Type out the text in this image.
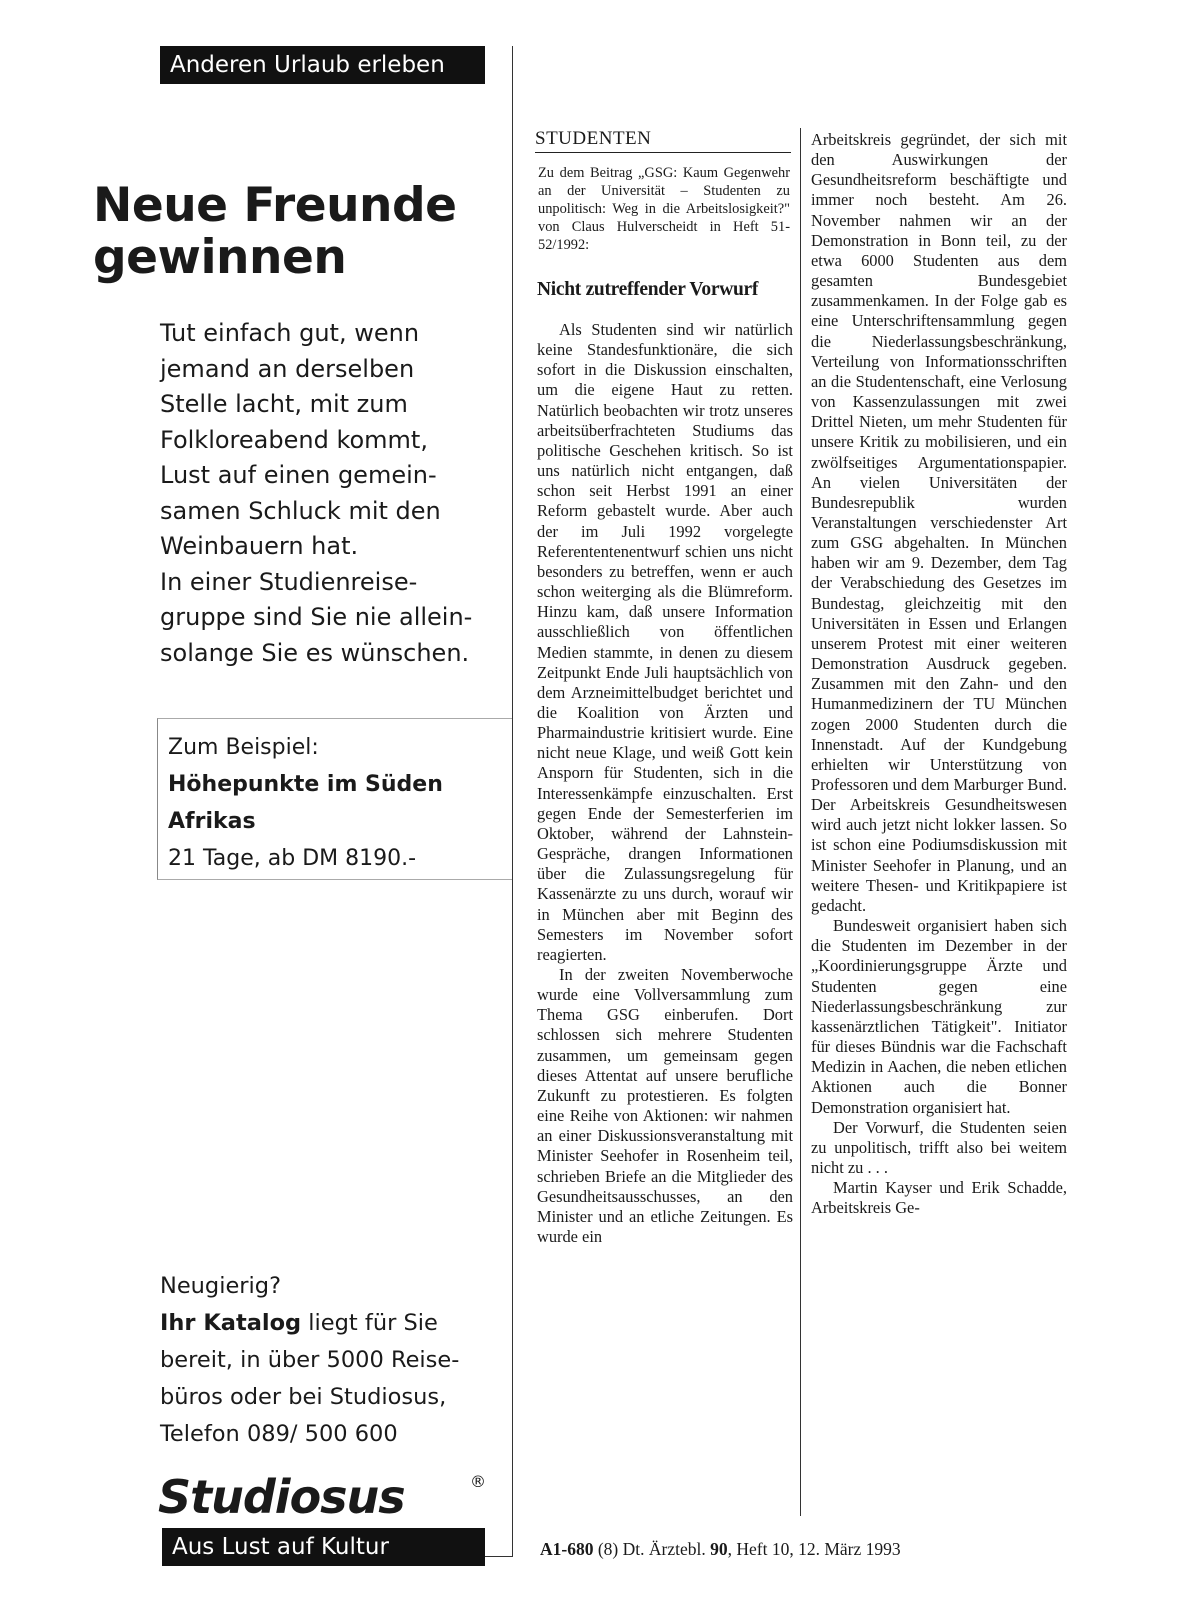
Anderen Urlaub erleben
Neue Freunde
gewinnen
Tut einfach gut, wenn
jemand an derselben
Stelle lacht, mit zum
Folkloreabend kommt,
Lust auf einen gemein-
samen Schluck mit den
Weinbauern hat.
In einer Studienreise-
gruppe sind Sie nie allein-
solange Sie es wünschen.
Zum Beispiel:
Höhepunkte im Süden
Afrikas
21 Tage, ab DM 8190.-
Neugierig?
Ihr Katalog liegt für Sie
bereit, in über 5000 Reise-
büros oder bei Studiosus,
Telefon 089/ 500 600
Studiosus	®
Aus Lust auf Kultur
STUDENTEN
Zu dem Beitrag „GSG: Kaum Gegenwehr an der Universität – Studenten zu unpolitisch: Weg in die Arbeitslosigkeit?" von Claus Hulverscheidt in Heft 51-52/1992:
Nicht zutreffender Vorwurf

Als Studenten sind wir natürlich keine Standesfunktionäre, die sich sofort in die Diskussion einschalten, um die eigene Haut zu retten. Natürlich beobachten wir trotz unseres arbeitsüberfrachteten Studiums das politische Geschehen kritisch. So ist uns natürlich nicht entgangen, daß schon seit Herbst 1991 an einer Reform gebastelt wurde. Aber auch der im Juli 1992 vorgelegte Referententenentwurf schien uns nicht besonders zu betreffen, wenn er auch schon weiterging als die Blümreform. Hinzu kam, daß unsere Information ausschließlich von öffentlichen Medien stammte, in denen zu diesem Zeitpunkt Ende Juli hauptsächlich von dem Arzneimittelbudget berichtet und die Koalition von Ärzten und Pharmaindustrie kritisiert wurde. Eine nicht neue Klage, und weiß Gott kein Ansporn für Studenten, sich in die Interessenkämpfe einzuschalten. Erst gegen Ende der Semesterferien im Oktober, während der Lahnstein-Gespräche, drangen Informationen über die Zulassungsregelung für Kassenärzte zu uns durch, worauf wir in München aber mit Beginn des Semesters im November sofort reagierten.

In der zweiten Novemberwoche wurde eine Vollversammlung zum Thema GSG einberufen. Dort schlossen sich mehrere Studenten zusammen, um gemeinsam gegen dieses Attentat auf unsere berufliche Zukunft zu protestieren. Es folgten eine Reihe von Aktionen: wir nahmen an einer Diskussionsveranstaltung mit Minister Seehofer in Rosenheim teil, schrieben Briefe an die Mitglieder des Gesundheitsausschusses, an den Minister und an etliche Zeitungen. Es wurde ein

Arbeitskreis gegründet, der sich mit den Auswirkungen der Gesundheitsreform beschäftigte und immer noch besteht. Am 26. November nahmen wir an der Demonstration in Bonn teil, zu der etwa 6000 Studenten aus dem gesamten Bundesgebiet zusammenkamen. In der Folge gab es eine Unterschriftensammlung gegen die Niederlassungsbeschränkung, Verteilung von Informationsschriften an die Studentenschaft, eine Verlosung von Kassenzulassungen mit zwei Drittel Nieten, um mehr Studenten für unsere Kritik zu mobilisieren, und ein zwölfseitiges Argumentationspapier. An vielen Universitäten der Bundesrepublik wurden Veranstaltungen verschiedenster Art zum GSG abgehalten. In München haben wir am 9. Dezember, dem Tag der Verabschiedung des Gesetzes im Bundestag, gleichzeitig mit den Universitäten in Essen und Erlangen unserem Protest mit einer weiteren Demonstration Ausdruck gegeben. Zusammen mit den Zahn- und den Humanmedizinern der TU München zogen 2000 Studenten durch die Innenstadt. Auf der Kundgebung erhielten wir Unterstützung von Professoren und dem Marburger Bund. Der Arbeitskreis Gesundheitswesen wird auch jetzt nicht lokker lassen. So ist schon eine Podiumsdiskussion mit Minister Seehofer in Planung, und an weitere Thesen- und Kritikpapiere ist gedacht.

Bundesweit organisiert haben sich die Studenten im Dezember in der „Koordinierungsgruppe Ärzte und Studenten gegen eine Niederlassungsbeschränkung zur kassenärztlichen Tätigkeit". Initiator für dieses Bündnis war die Fachschaft Medizin in Aachen, die neben etlichen Aktionen auch die Bonner Demonstration organisiert hat.

Der Vorwurf, die Studenten seien zu unpolitisch, trifft also bei weitem nicht zu . . .

Martin Kayser und Erik Schadde, Arbeitskreis Ge-

A1-680 (8) Dt. Ärztebl. 90, Heft 10, 12. März 1993
